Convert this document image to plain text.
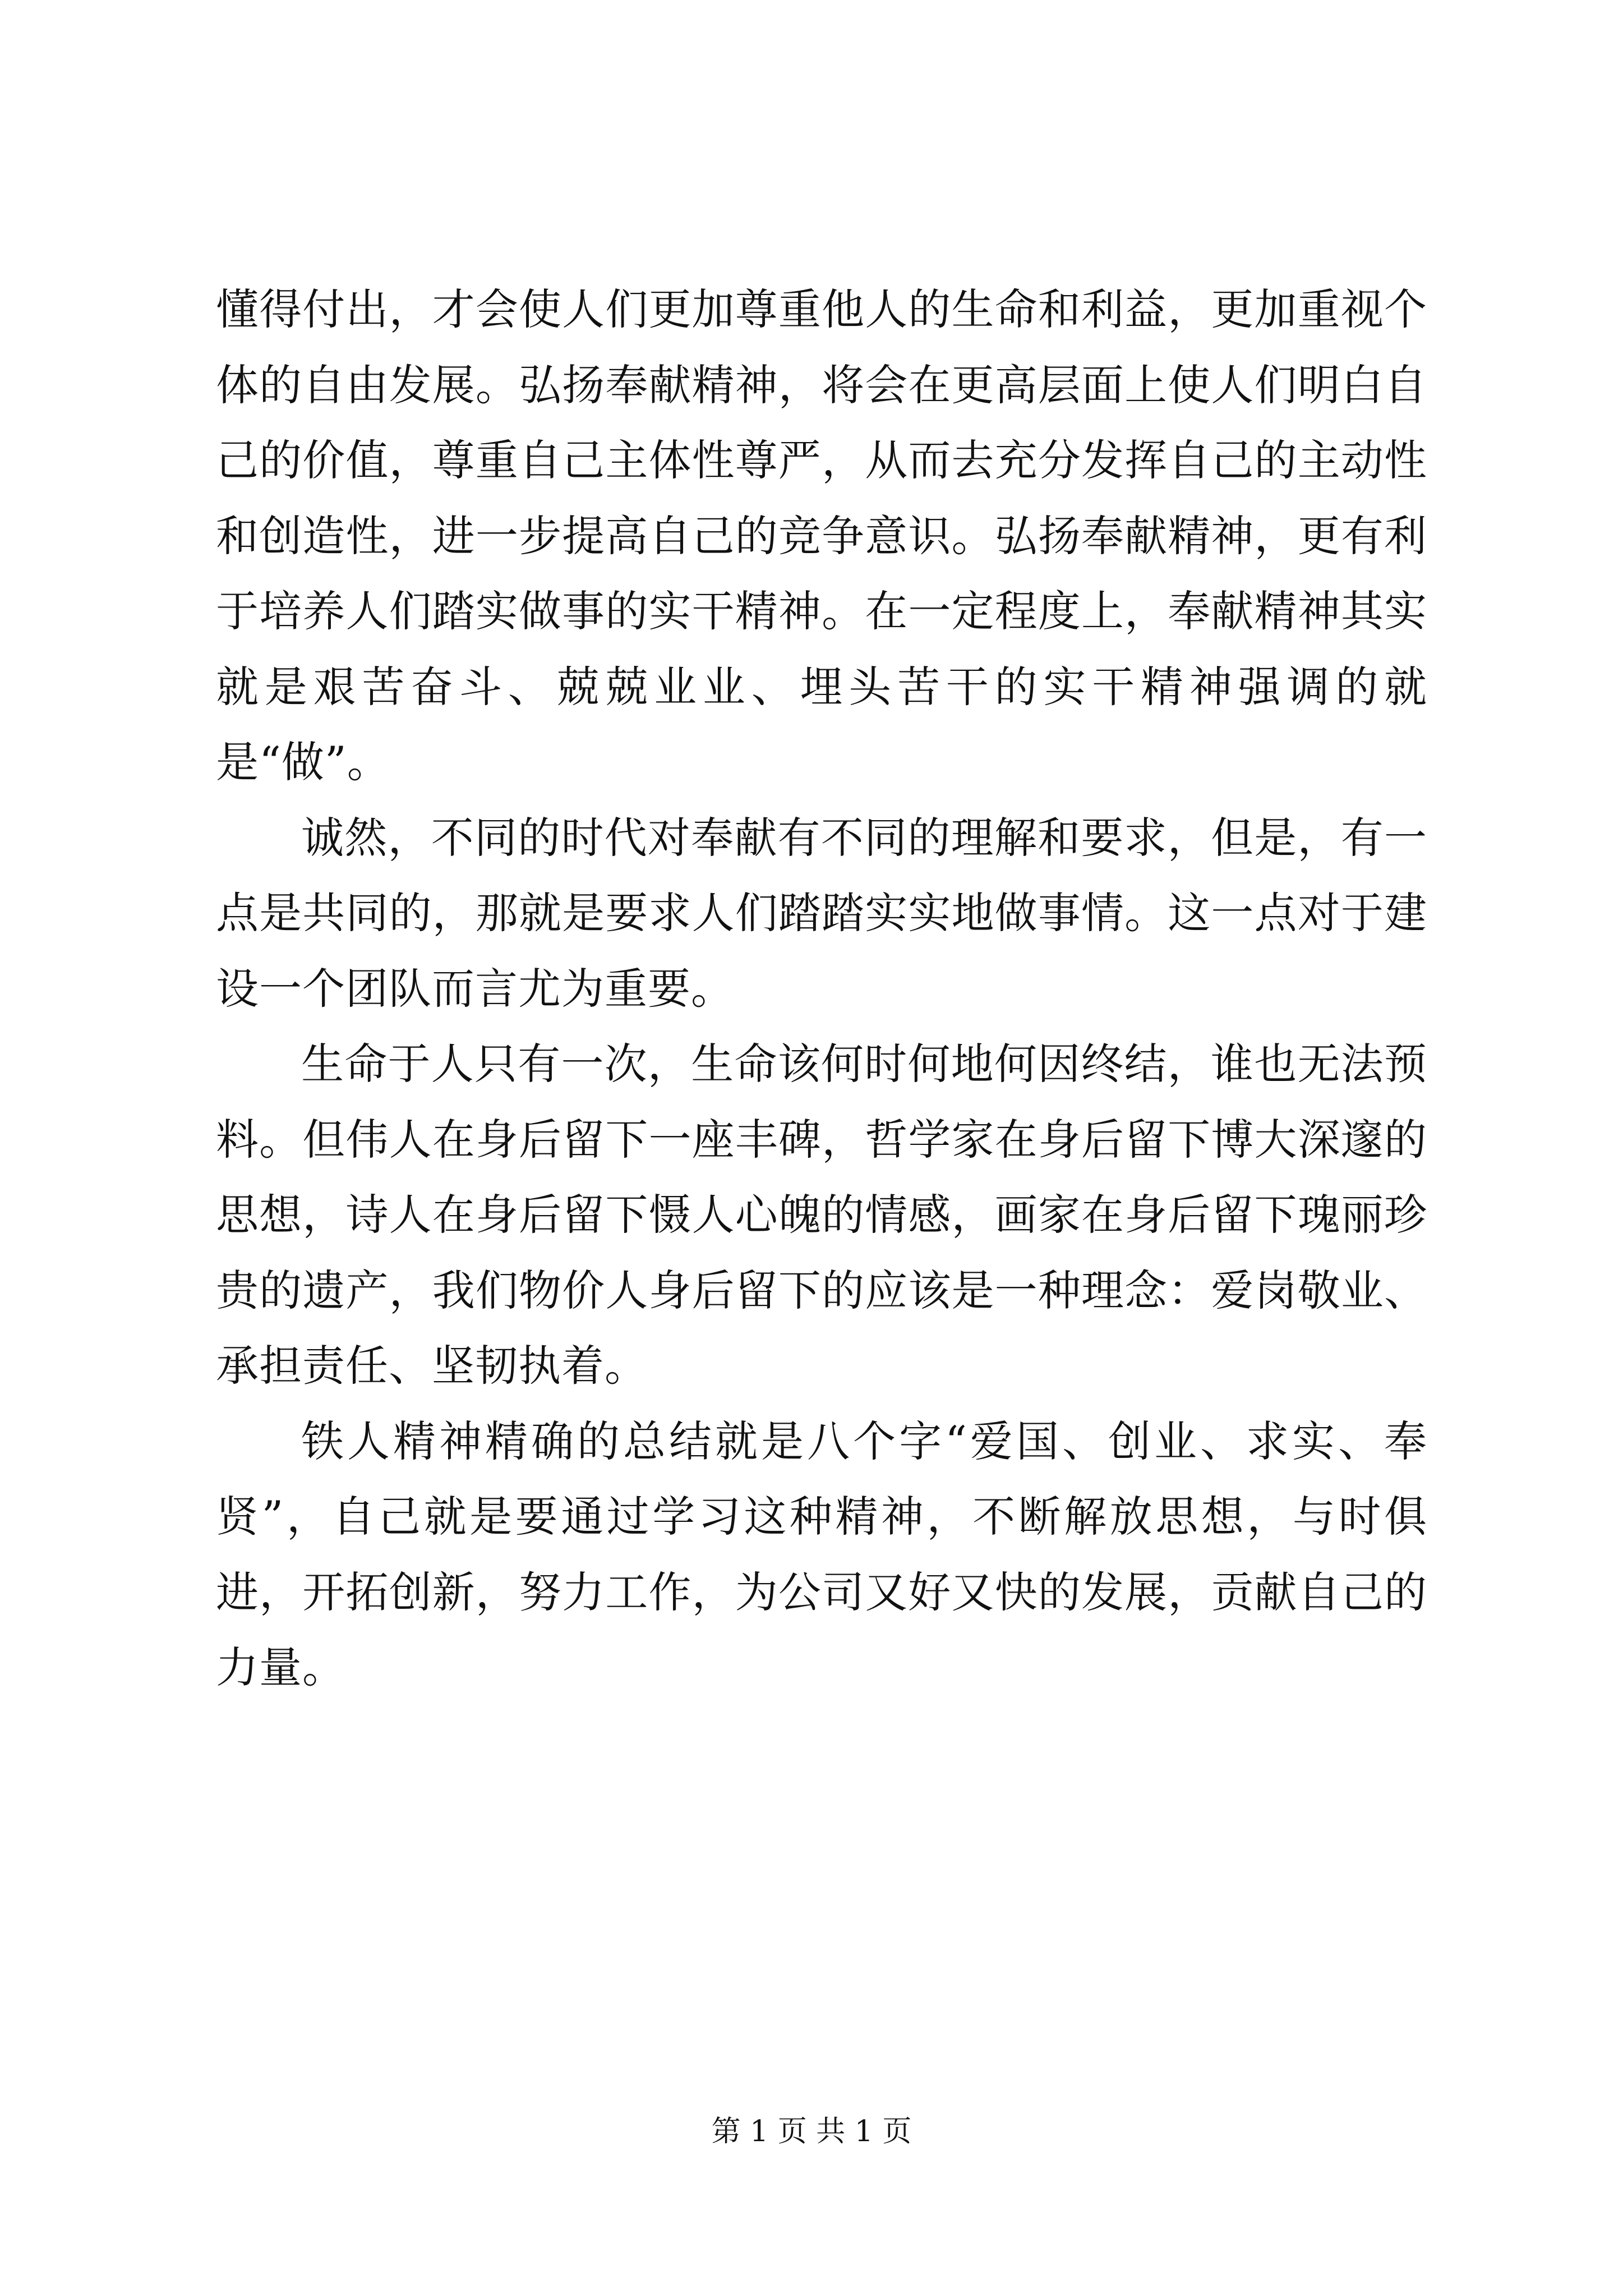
懂得付出，才会使人们更加尊重他人的生命和利益，更加重视个体的自由发展。弘扬奉献精神，将会在更高层面上使人们明白自己的价值，尊重自己主体性尊严，从而去充分发挥自己的主动性和创造性，进一步提高自己的竞争意识。弘扬奉献精神，更有利于培养人们踏实做事的实干精神。在一定程度上，奉献精神其实就是艰苦奋斗、兢兢业业、埋头苦干的实干精神强调的就是“做”。

诚然，不同的时代对奉献有不同的理解和要求，但是，有一点是共同的，那就是要求人们踏踏实实地做事情。这一点对于建设一个团队而言尤为重要。

生命于人只有一次，生命该何时何地何因终结，谁也无法预料。但伟人在身后留下一座丰碑，哲学家在身后留下博大深邃的思想，诗人在身后留下慑人心魄的情感，画家在身后留下瑰丽珍贵的遗产，我们物价人身后留下的应该是一种理念：爱岗敬业、承担责任、坚韧执着。

铁人精神精确的总结就是八个字“爱国、创业、求实、奉贤”，自己就是要通过学习这种精神，不断解放思想，与时俱进，开拓创新，努力工作，为公司又好又快的发展，贡献自己的力量。

第 1 页 共 1 页
